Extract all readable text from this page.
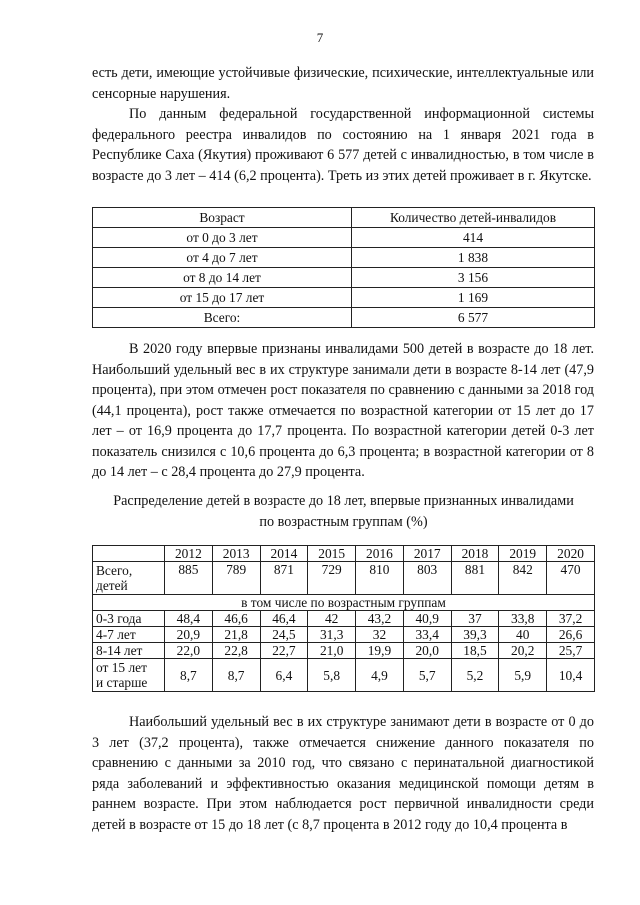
7

есть дети, имеющие устойчивые физические, психические, интеллектуальные или сенсорные нарушения.

По данным федеральной государственной информационной системы федерального реестра инвалидов по состоянию на 1 января 2021 года в Республике Саха (Якутия) проживают 6 577 детей с инвалидностью, в том числе в возрасте до 3 лет – 414 (6,2 процента). Треть из этих детей проживает в г. Якутске.

Возраст	Количество детей-инвалидов
от 0 до 3 лет	414
от 4 до 7 лет	1 838
от 8 до 14 лет	3 156
от 15 до 17 лет	1 169
Всего:	6 577

В 2020 году впервые признаны инвалидами 500 детей в возрасте до 18 лет. Наибольший удельный вес в их структуре занимали дети в возрасте 8-14 лет (47,9 процента), при этом отмечен рост показателя по сравнению с данными за 2018 год (44,1 процента), рост также отмечается по возрастной категории от 15 лет до 17 лет – от 16,9 процента до 17,7 процента. По возрастной категории детей 0-3 лет показатель снизился с 10,6 процента до 6,3 процента; в возрастной категории от 8 до 14 лет – с 28,4 процента до 27,9 процента.

Распределение детей в возрасте до 18 лет, впервые признанных инвалидами
по возрастным группам (%)
	2012	2013	2014	2015	2016	2017	2018	2019	2020

Всего,
детей	885	789	871	729	810	803	881	842	470
в том числе по возрастным группам									
0-3 года	48,4	46,6	46,4	42	43,2	40,9	37	33,8	37,2
4-7 лет	20,9	21,8	24,5	31,3	32	33,4	39,3	40	26,6
8-14 лет	22,0	22,8	22,7	21,0	19,9	20,0	18,5	20,2	25,7

от 15 лет
и старше	8,7	8,7	6,4	5,8	4,9	5,7	5,2	5,9	10,4

Наибольший удельный вес в их структуре занимают дети в возрасте от 0 до 3 лет (37,2 процента), также отмечается снижение данного показателя по сравнению с данными за 2010 год, что связано с перинатальной диагностикой ряда заболеваний и эффективностью оказания медицинской помощи детям в раннем возрасте. При этом наблюдается рост первичной инвалидности среди детей в возрасте от 15 до 18 лет (с 8,7 процента в 2012 году до 10,4 процента в
